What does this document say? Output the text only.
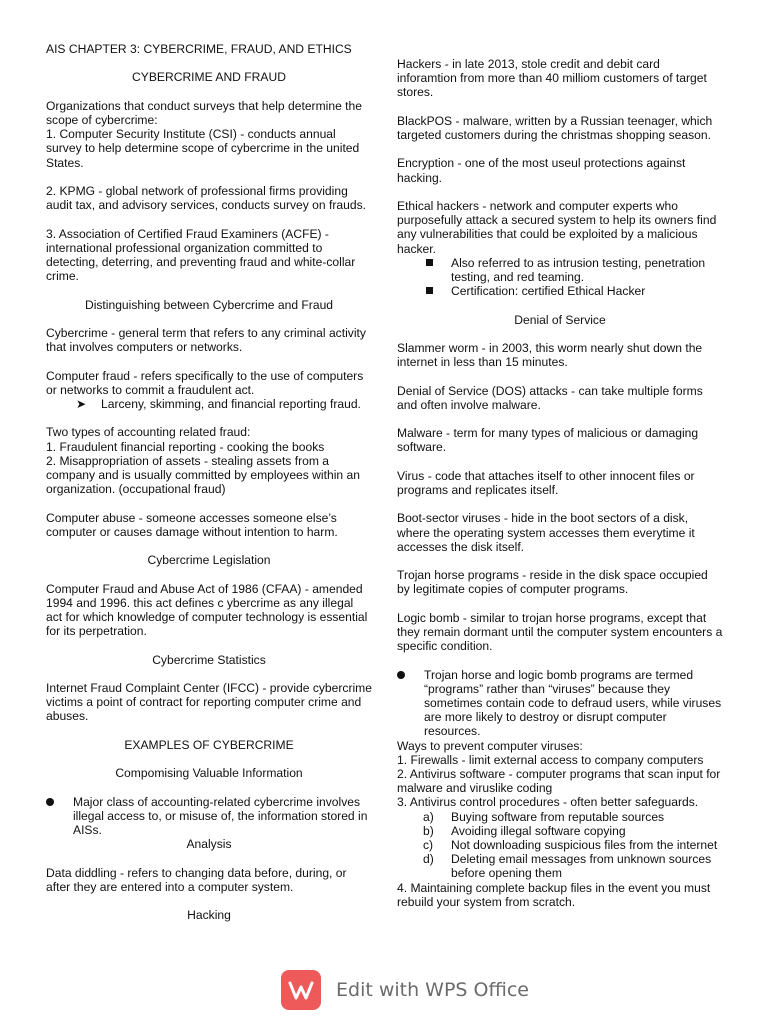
AIS CHAPTER 3: CYBERCRIME, FRAUD, AND ETHICS
CYBERCRIME AND FRAUD
Organizations that conduct surveys that help determine the scope of cybercrime:
1. Computer Security Institute (CSI) - conducts annual survey to help determine scope of cybercrime in the united States.
2. KPMG - global network of professional firms providing audit tax, and advisory services, conducts survey on frauds.
3. Association of Certified Fraud Examiners (ACFE) - international professional organization committed to detecting, deterring, and preventing fraud and white-collar crime.
Distinguishing between Cybercrime and Fraud
Cybercrime - general term that refers to any criminal activity that involves computers or networks.
Computer fraud - refers specifically to the use of computers or networks to commit a fraudulent act.
➤ Larceny, skimming, and financial reporting fraud.
Two types of accounting related fraud:
1. Fraudulent financial reporting - cooking the books
2. Misappropriation of assets - stealing assets from a company and is usually committed by employees within an organization. (occupational fraud)
Computer abuse - someone accesses someone else’s computer or causes damage without intention to harm.
Cybercrime Legislation
Computer Fraud and Abuse Act of 1986 (CFAA) - amended 1994 and 1996. this act defines c ybercrime as any illegal act for which knowledge of computer technology is essential for its perpetration.
Cybercrime Statistics
Internet Fraud Complaint Center (IFCC) - provide cybercrime victims a point of contract for reporting computer crime and abuses.
EXAMPLES OF CYBERCRIME
Compomising Valuable Information
Major class of accounting-related cybercrime involves illegal access to, or misuse of, the information stored in AISs.
Analysis
Data diddling - refers to changing data before, during, or after they are entered into a computer system.
Hacking
Hackers - in late 2013, stole credit and debit card inforamtion from more than 40 milliom customers of target stores.
BlackPOS - malware, written by a Russian teenager, which targeted customers during the christmas shopping season.
Encryption - one of the most useul protections against hacking.
Ethical hackers - network and computer experts who purposefully attack a secured system to help its owners find any vulnerabilities that could be exploited by a malicious hacker.
Also referred to as intrusion testing, penetration testing, and red teaming.
Certification: certified Ethical Hacker
Denial of Service
Slammer worm - in 2003, this worm nearly shut down the internet in less than 15 minutes.
Denial of Service (DOS) attacks - can take multiple forms and often involve malware.
Malware - term for many types of malicious or damaging software.
Virus - code that attaches itself to other innocent files or programs and replicates itself.
Boot-sector viruses - hide in the boot sectors of a disk, where the operating system accesses them everytime it accesses the disk itself.
Trojan horse programs - reside in the disk space occupied by legitimate copies of computer programs.
Logic bomb - similar to trojan horse programs, except that they remain dormant until the computer system encounters a specific condition.
Trojan horse and logic bomb programs are termed “programs” rather than “viruses” because they sometimes contain code to defraud users, while viruses are more likely to destroy or disrupt computer resources.
Ways to prevent computer viruses:
1. Firewalls - limit external access to company computers
2. Antivirus software - computer programs that scan input for malware and viruslike coding
3. Antivirus control procedures - often better safeguards.
a) Buying software from reputable sources
b) Avoiding illegal software copying
c) Not downloading suspicious files from the internet
d) Deleting email messages from unknown sources before opening them
4. Maintaining complete backup files in the event you must rebuild your system from scratch.
Edit with WPS Office
